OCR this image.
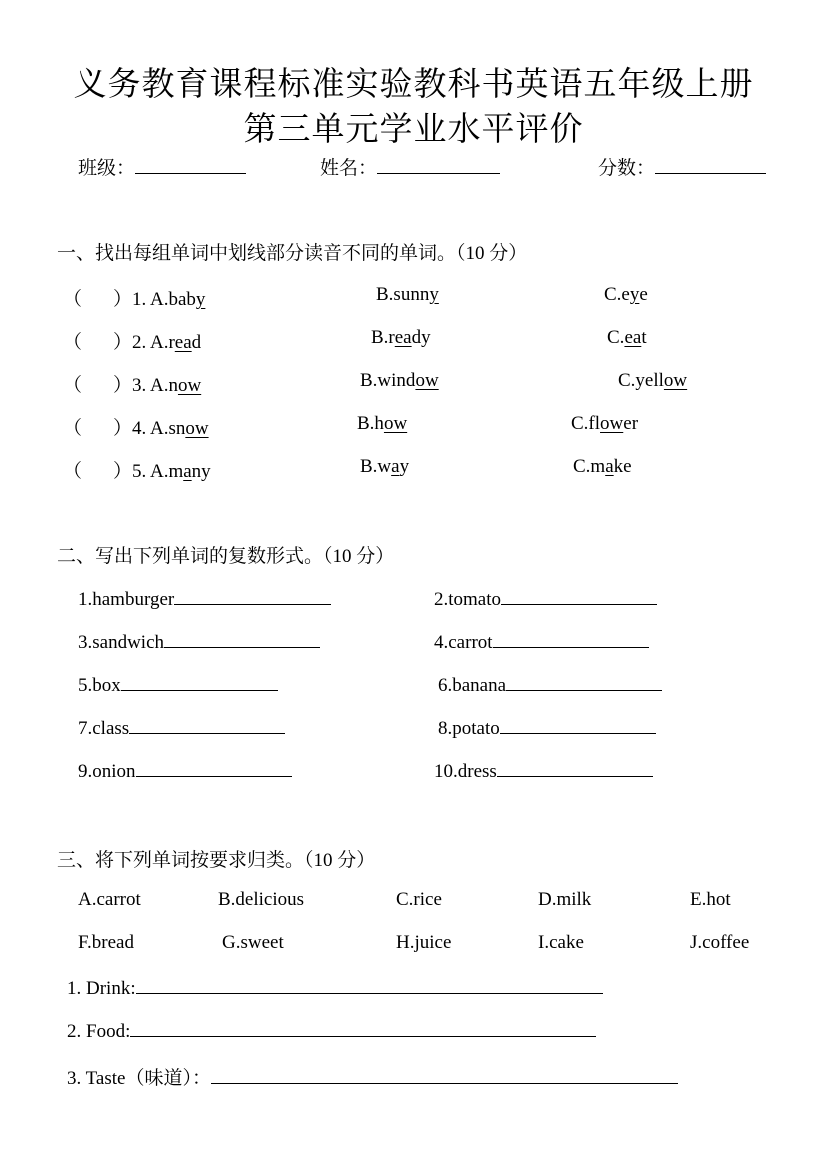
义务教育课程标准实验教科书英语五年级上册
第三单元学业水平评价
班级：	姓名：	分数：
一、找出每组单词中划线部分读音不同的单词。（10 分）
（ ）1. A.baby	B.sunny	C.eye
（ ）2. A.read	B.ready	C.eat
（ ）3. A.now	B.window	C.yellow
（ ）4. A.snow	B.how	C.flower
（ ）5. A.many	B.way	C.make
二、写出下列单词的复数形式。（10 分）
1.hamburger	2.tomato
3.sandwich	4.carrot
5.box	6.banana
7.class	8.potato
9.onion	10.dress
三、将下列单词按要求归类。（10 分）
A.carrot	B.delicious	C.rice	D.milk	E.hot
F.bread	G.sweet	H.juice	I.cake	J.coffee
1. Drink:
2. Food:
3. Taste（味道）：
